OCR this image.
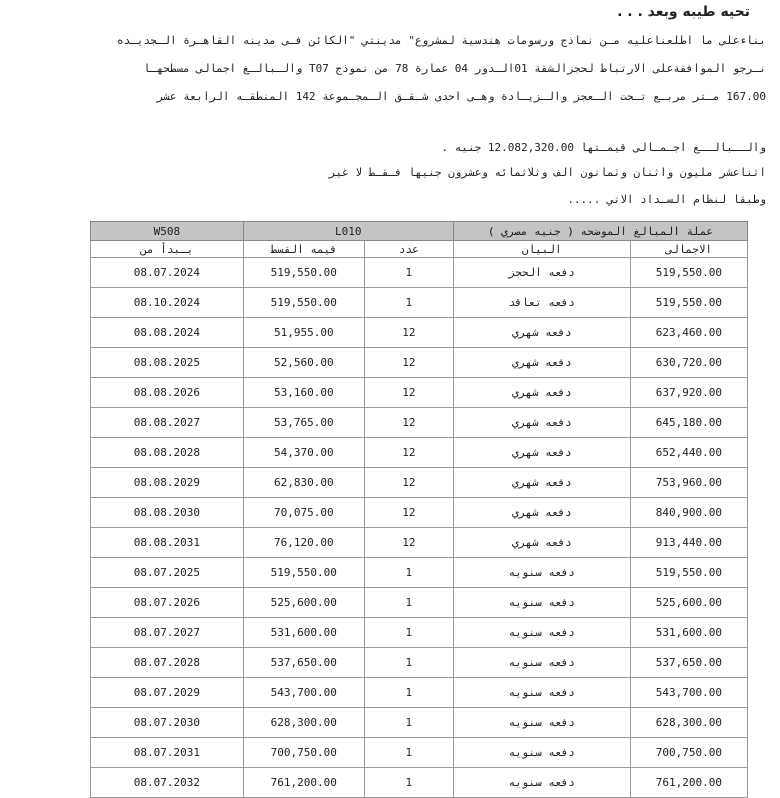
تحيه طيبه وبعد . . .

بناءعلى ما اطلعناعليه مـن نماذج ورسومات هندسية لمشروع" مدينتي "الكائن فـى مدينه القاهـرة الـجديـده

نـرجو الموافقةعلى الارتباط لحجزالشقة 01الـدور 04 عمارة 78 من نموذج T07 والـبالـغ اجمالى مسطحهـا

167.00 مـتر مربـع تـحت الـعجز والـزيـادة وهـى احدى شـقـق الـمجـموعة 142 المنطقـه الرابعة عشر

والــبالــغ اجـمـالى قيمـتها 12.082,320.00 جنيه .

اثناعشر مليون واثنان وثمانون الف وثلاثمائه وعشرون جنيها فـقـط لا غير

وطبقا لنظام السـداد الاتي .....

W508	L010		عملة المبالغ الموضحه ( جنيه مصري )	
يـبدأ من	قيمه القسط	عدد	البيان	الاجمالى
08.07.2024	519,550.00	1	دفعه الحجز	519,550.00
08.10.2024	519,550.00	1	دفعه تعاقد	519,550.00
08.08.2024	51,955.00	12	دفعه شهري	623,460.00
08.08.2025	52,560.00	12	دفعه شهري	630,720.00
08.08.2026	53,160.00	12	دفعه شهري	637,920.00
08.08.2027	53,765.00	12	دفعه شهري	645,180.00
08.08.2028	54,370.00	12	دفعه شهري	652,440.00
08.08.2029	62,830.00	12	دفعه شهري	753,960.00
08.08.2030	70,075.00	12	دفعه شهري	840,900.00
08.08.2031	76,120.00	12	دفعه شهري	913,440.00
08.07.2025	519,550.00	1	دفعه سنويه	519,550.00
08.07.2026	525,600.00	1	دفعه سنويه	525,600.00
08.07.2027	531,600.00	1	دفعه سنويه	531,600.00
08.07.2028	537,650.00	1	دفعه سنويه	537,650.00
08.07.2029	543,700.00	1	دفعه سنويه	543,700.00
08.07.2030	628,300.00	1	دفعه سنويه	628,300.00
08.07.2031	700,750.00	1	دفعه سنويه	700,750.00
08.07.2032	761,200.00	1	دفعه سنويه	761,200.00
